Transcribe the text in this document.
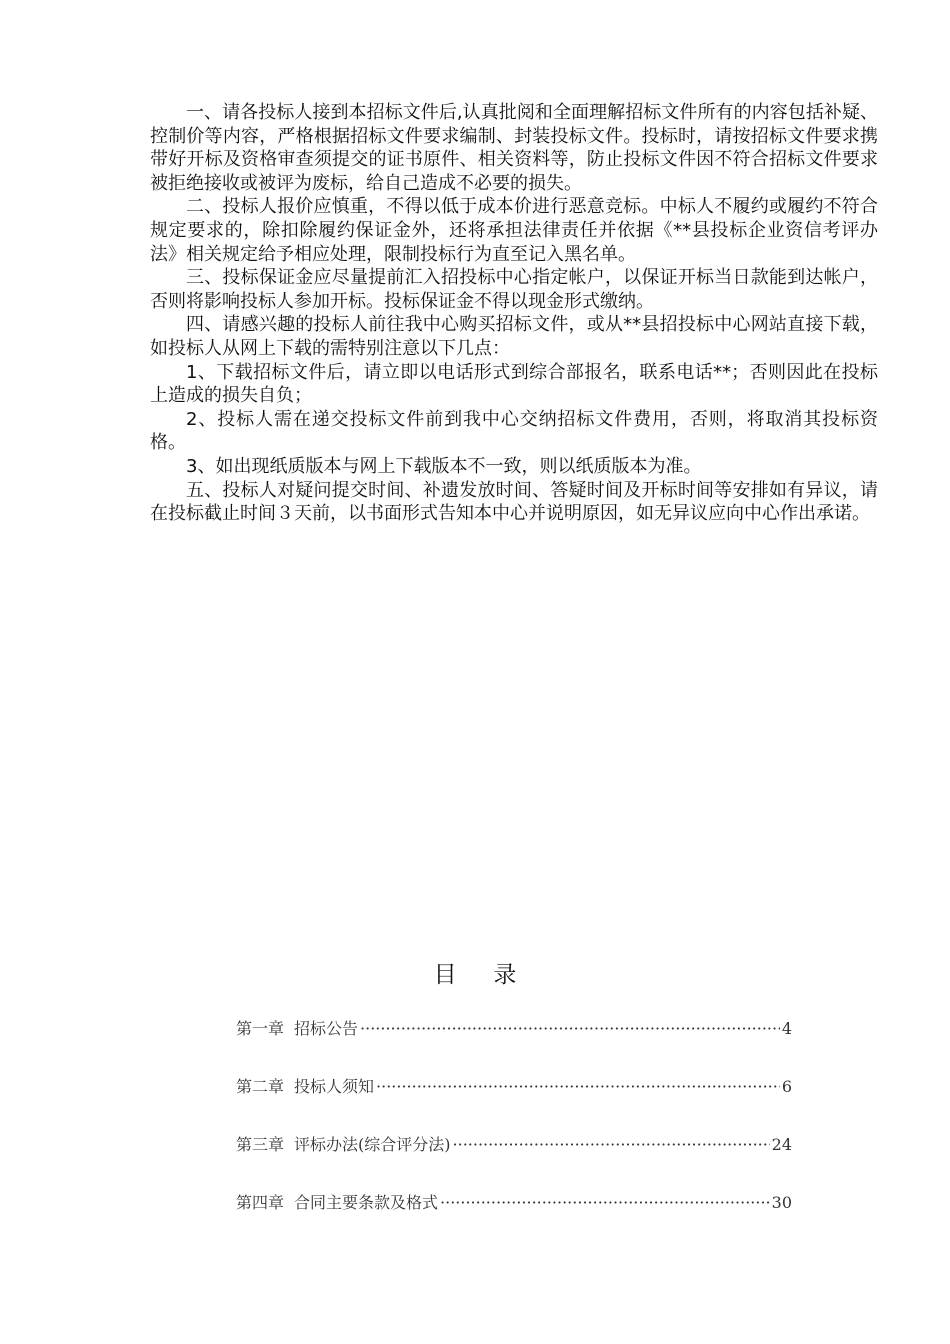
一、请各投标人接到本招标文件后,认真批阅和全面理解招标文件所有的内容包括补疑、控制价等内容，严格根据招标文件要求编制、封装投标文件。投标时，请按招标文件要求携带好开标及资格审查须提交的证书原件、相关资料等，防止投标文件因不符合招标文件要求被拒绝接收或被评为废标，给自己造成不必要的损失。

二、投标人报价应慎重，不得以低于成本价进行恶意竞标。中标人不履约或履约不符合规定要求的，除扣除履约保证金外，还将承担法律责任并依据《**县投标企业资信考评办法》相关规定给予相应处理，限制投标行为直至记入黑名单。

三、投标保证金应尽量提前汇入招投标中心指定帐户，以保证开标当日款能到达帐户，否则将影响投标人参加开标。投标保证金不得以现金形式缴纳。

四、请感兴趣的投标人前往我中心购买招标文件，或从**县招投标中心网站直接下载，如投标人从网上下载的需特别注意以下几点：

1、下载招标文件后，请立即以电话形式到综合部报名，联系电话**；否则因此在投标上造成的损失自负；

2、投标人需在递交投标文件前到我中心交纳招标文件费用，否则，将取消其投标资格。

3、如出现纸质版本与网上下载版本不一致，则以纸质版本为准。

五、投标人对疑问提交时间、补遗发放时间、答疑时间及开标时间等安排如有异议，请在投标截止时间３天前，以书面形式告知本中心并说明原因，如无异议应向中心作出承诺。

目录
第一章 招标公告 ·····	4
第二章 投标人须知 ·····	6
第三章 评标办法(综合评分法) ·····	24
第四章 合同主要条款及格式 ·····	30
